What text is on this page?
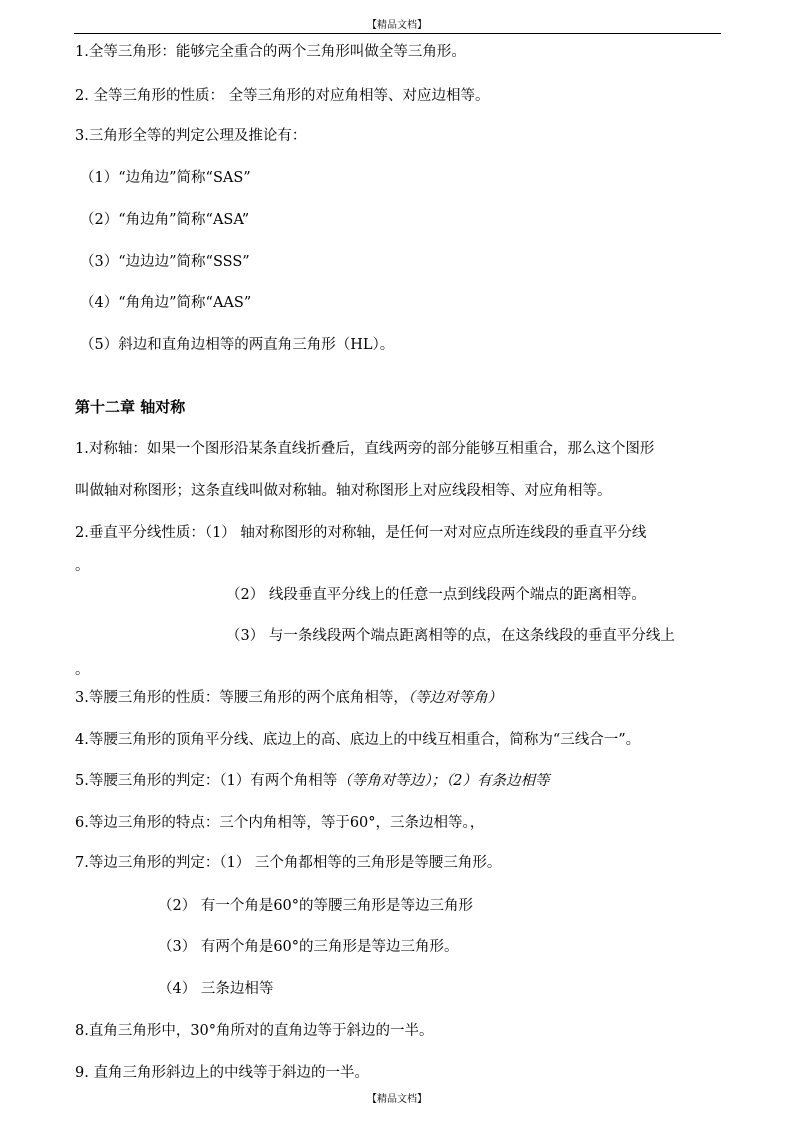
【精品文档】
1.全等三角形：能够完全重合的两个三角形叫做全等三角形。
2. 全等三角形的性质： 全等三角形的对应角相等、对应边相等。
3.三角形全等的判定公理及推论有：
（1）“边角边”简称“SAS”
（2）“角边角”简称“ASA”
（3）“边边边”简称“SSS”
（4）“角角边”简称“AAS”
（5）斜边和直角边相等的两直角三角形（HL）。
第十二章 轴对称
1.对称轴：如果一个图形沿某条直线折叠后，直线两旁的部分能够互相重合，那么这个图形
叫做轴对称图形；这条直线叫做对称轴。轴对称图形上对应线段相等、对应角相等。
2.垂直平分线性质：（1） 轴对称图形的对称轴，是任何一对对应点所连线段的垂直平分线
。
（2） 线段垂直平分线上的任意一点到线段两个端点的距离相等。
（3） 与一条线段两个端点距离相等的点，在这条线段的垂直平分线上
。
3.等腰三角形的性质：等腰三角形的两个底角相等，（等边对等角）
4.等腰三角形的顶角平分线、底边上的高、底边上的中线互相重合，简称为“三线合一”。
5.等腰三角形的判定：（1）有两个角相等（等角对等边）；（2）有条边相等
6.等边三角形的特点：三个内角相等，等于60°，三条边相等。，
7.等边三角形的判定：（1） 三个角都相等的三角形是等腰三角形。
（2） 有一个角是60°的等腰三角形是等边三角形
（3） 有两个角是60°的三角形是等边三角形。
（4） 三条边相等
8.直角三角形中，30°角所对的直角边等于斜边的一半。
9. 直角三角形斜边上的中线等于斜边的一半。
【精品文档】
